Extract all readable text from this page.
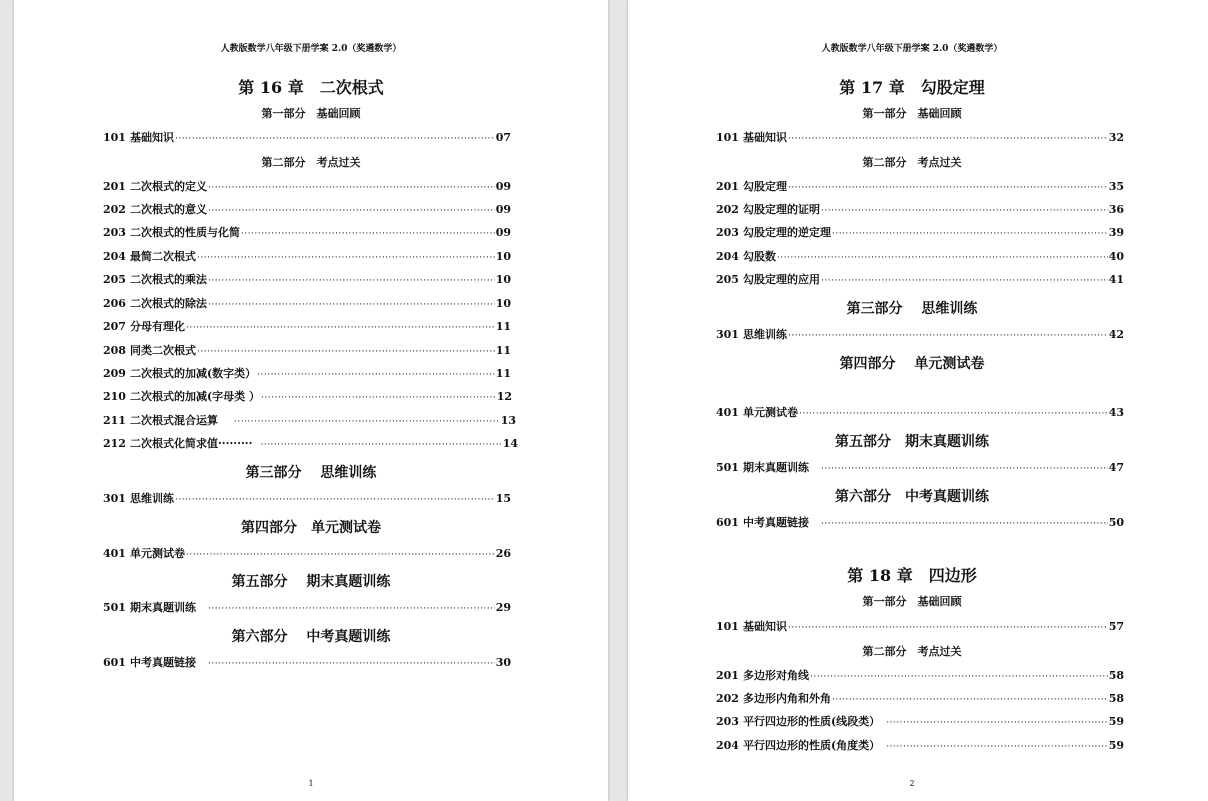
人教版数学八年级下册学案 2.0（奖遴数学）
第 16 章　二次根式
第一部分　基础回顾
101 基础知识 ·····	07
第二部分　考点过关
201 二次根式的定义 ·····	09
202 二次根式的意义 ·····	09
203 二次根式的性质与化简 ·····	09
204 最简二次根式 ·····	10
205 二次根式的乘法 ·····	10
206 二次根式的除法 ·····	10
207 分母有理化 ·····	11
208 同类二次根式 ·····	11
209 二次根式的加减(数字类） ·····	11
210 二次根式的加减(字母类 ） ·····	12
211 二次根式混合运算 ·····	13
212 二次根式化简求值········· ·····	14
第三部分　 思维训练
301 思维训练 ·····	15
第四部分　单元测试卷
401 单元测试卷 ·····	26
第五部分　 期末真题训练
501 期末真题训练 ·····	29
第六部分　 中考真题训练
601 中考真题链接 ·····	30
1
人教版数学八年级下册学案 2.0（奖遴数学）
第 17 章　勾股定理
第一部分　基础回顾
101 基础知识 ·····	32
第二部分　考点过关
201 勾股定理 ·····	35
202 勾股定理的证明 ·····	36
203 勾股定理的逆定理 ·····	39
204 勾股数 ·····	40
205 勾股定理的应用 ·····	41
第三部分　 思维训练
301 思维训练 ·····	42
第四部分　 单元测试卷
401 单元测试卷 ·····	43
第五部分　期末真题训练
501 期末真题训练 ·····	47
第六部分　中考真题训练
601 中考真题链接 ·····	50
第 18 章　四边形
第一部分　基础回顾
101 基础知识 ·····	57
第二部分　考点过关
201 多边形对角线 ·····	58
202 多边形内角和外角 ·····	58
203 平行四边形的性质(线段类） ·····	59
204 平行四边形的性质(角度类） ·····	59
2
